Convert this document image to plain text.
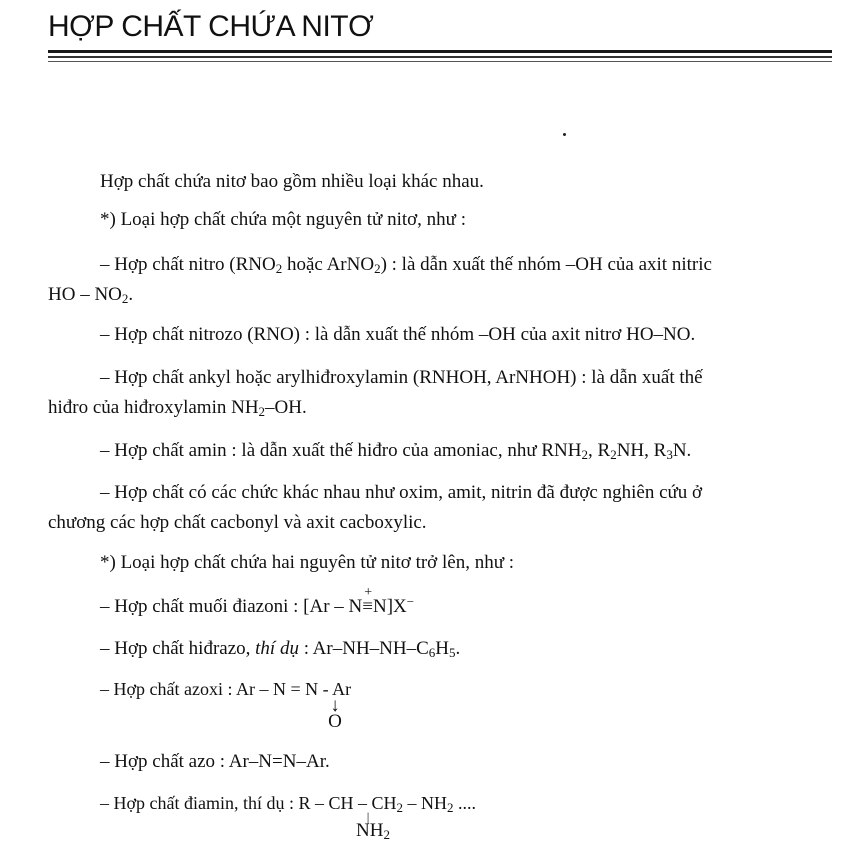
HỢP CHẤT CHỨA NITƠ

Hợp chất chứa nitơ bao gồm nhiều loại khác nhau.

*) Loại hợp chất chứa một nguyên tử nitơ, như :

– Hợp chất nitro ($RNO_2$ hoặc ArNO$_2$) : là dẫn xuất thế nhóm –OH của axit nitric

HO – $NO_2$.

– Hợp chất nitrozo (RNO) : là dẫn xuất thế nhóm –OH của axit nitrơ HO–NO.

– Hợp chất ankyl hoặc arylhiđroxylamin (RNHOH, ArNHOH) : là dẫn xuất thế

hiđro của hiđroxylamin $NH_2-OH$.

– Hợp chất amin : là dẫn xuất thế hiđro của amoniac, như $RNH_2$, $R_2NH$, $R_3N$.

– Hợp chất có các chức khác nhau như oxim, amit, nitrin đã được nghiên cứu ở

chương các hợp chất cacbonyl và axit cacboxylic.

*) Loại hợp chất chứa hai nguyên tử nitơ trở lên, như :

– Hợp chất muối điazoni : [Ar – N≡
+
N]X−

– Hợp chất hiđrazo, thí dụ : $Ar-NH-NH-C_6H_5$.

– Hợp chất azoxi : Ar – N = N - Ar

↓
O

– Hợp chất azo : Ar–N=N–Ar.

– Hợp chất điamin, thí dụ : R – CH – $CH_2 - NH_2$ ....

|
$NH_2$
